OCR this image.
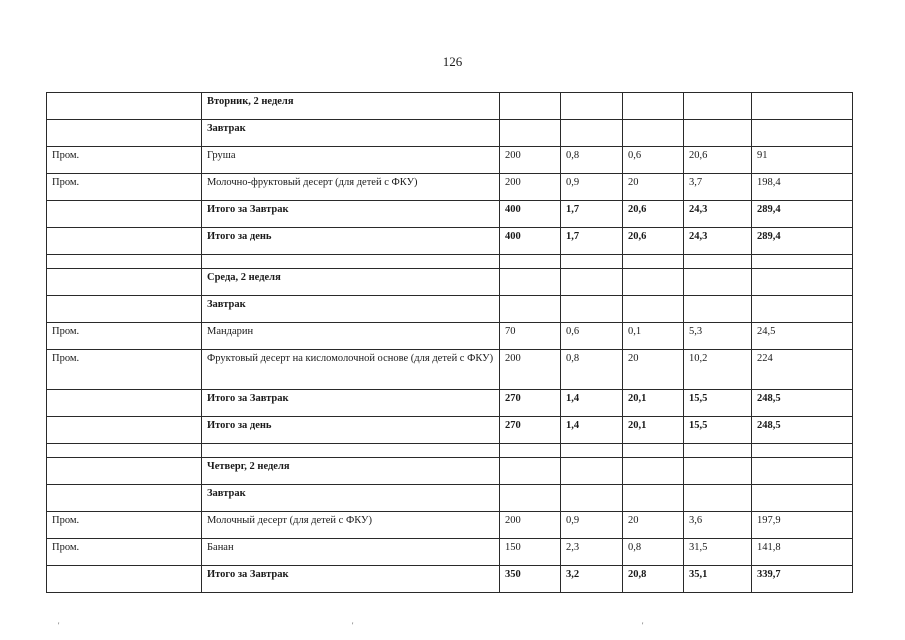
126
	Вторник, 2 неделя					
	Завтрак					
Пром.	Груша	200	0,8	0,6	20,6	91
Пром.	Молочно-фруктовый десерт (для детей с ФКУ)	200	0,9	20	3,7	198,4
	Итого за Завтрак	400	1,7	20,6	24,3	289,4
	Итого за день	400	1,7	20,6	24,3	289,4

	Среда, 2 неделя					
	Завтрак					
Пром.	Мандарин	70	0,6	0,1	5,3	24,5
Пром.	Фруктовый десерт на кисломолочной основе (для детей с ФКУ)	200	0,8	20	10,2	224
	Итого за Завтрак	270	1,4	20,1	15,5	248,5
	Итого за день	270	1,4	20,1	15,5	248,5

	Четверг, 2 неделя					
	Завтрак					
Пром.	Молочный десерт (для детей с ФКУ)	200	0,9	20	3,6	197,9
Пром.	Банан	150	2,3	0,8	31,5	141,8
	Итого за Завтрак	350	3,2	20,8	35,1	339,7
'	'	'
